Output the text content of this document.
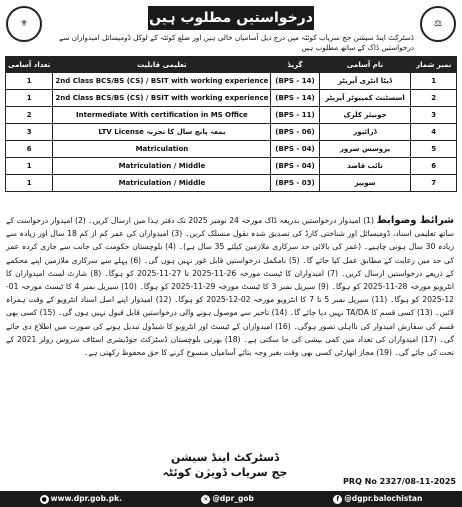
⚜	⚖
درخواستیں مطلوب ہیں
ڈسٹرکٹ اینڈ سیشن جج سریاب کوئٹہ میں درج ذیل آسامیاں خالی ہیں اور ضلع کوئٹہ کے لوکل ڈومیسائل امیدواران سے درخواستیں ڈاک کے ساتھ مطلوب ہیں
تعداد آسامی	تعلیمی قابلیت	گریڈ	نام آسامی	نمبر شمار
1	2nd Class BCS/BS (CS) / BSIT with working experience	(BPS - 14)	ڈیٹا انٹری آپریٹر	1
1	2nd Class BCS/BS (CS) / BSIT with working experience	(BPS - 14)	اسسٹنٹ کمپیوٹر آپریٹر	2
2	Intermediate With certification in MS Office	(BPS - 11)	جونیئر کلرک	3
3	LTV License بمعہ پانچ سال کا تجربہ	(BPS - 06)	ڈرائیور	4
6	Matriculation	(BPS - 04)	پروسس سرور	5
1	Matriculation / Middle	(BPS - 04)	نائب قاصد	6
1	Matriculation / Middle	(BPS - 03)	سویپر	7
شرائط وضوابط (1) امیدوار درخواستیں بذریعہ ڈاک مورخہ 24 نومبر 2025 تک دفتر ہذا میں ارسال کریں۔ (2) امیدوار درخواست کے ساتھ تعلیمی اسناد، ڈومیسائل اور شناختی کارڈ کی تصدیق شدہ نقول منسلک کریں۔ (3) امیدواران کی عمر کم از کم 18 سال اور زیادہ سے زیادہ 30 سال ہونی چاہیے۔ (عمر کی بالائی حد سرکاری ملازمین کیلئے 35 سال ہے)۔ (4) بلوچستان حکومت کی جانب سے جاری کردہ عمر کی حد میں رعایت کے مطابق عمل کیا جائے گا۔ (5) نامکمل درخواستیں قابل غور نہیں ہوں گی۔ (6) پہلے سے سرکاری ملازمین اپنے محکمے کے ذریعے درخواستیں ارسال کریں۔ (7) امیدواران کا ٹیسٹ مورخہ 26-11-2025 تا 27-11-2025 کو ہوگا۔ (8) شارٹ لسٹ امیدواران کا انٹرویو مورخہ 28-11-2025 کو ہوگا۔ (9) سیریل نمبر 3 کا ٹیسٹ مورخہ 29-11-2025 کو ہوگا۔ (10) سیریل نمبر 4 کا ٹیسٹ مورخہ 01-12-2025 کو ہوگا۔ (11) سیریل نمبر 5 تا 7 کا انٹرویو مورخہ 02-12-2025 کو ہوگا۔ (12) امیدوار اپنے اصل اسناد انٹرویو کے وقت ہمراہ لائیں۔ (13) کسی قسم کا TA/DA نہیں دیا جائے گا۔ (14) تاخیر سے موصول ہونے والی درخواستیں قابل قبول نہیں ہوں گی۔ (15) کسی بھی قسم کی سفارش امیدوار کی نااہلی تصور ہوگی۔ (16) امیدواران کے ٹیسٹ اور انٹرویو کا شیڈول تبدیل ہونے کی صورت میں اطلاع دی جائے گی۔ (17) امیدواران کی تعداد میں کمی بیشی کی جا سکتی ہے۔ (18) بھرتی بلوچستان ڈسٹرکٹ جوڈیشری اسٹاف سروس رولز 2021 کے تحت کی جائے گی۔ (19) مجاز اتھارٹی کسی بھی وقت بغیر وجہ بتائے آسامیاں منسوخ کرنے کا حق محفوظ رکھتی ہے۔
ڈسٹرکٹ اینڈ سیشن
جج سریاب ڈویژن کوئٹہ
PRQ No 2327/08-11-2025
● www.dpr.gob.pk.	✕ @dpr_gob	f @dgpr.balochistan
